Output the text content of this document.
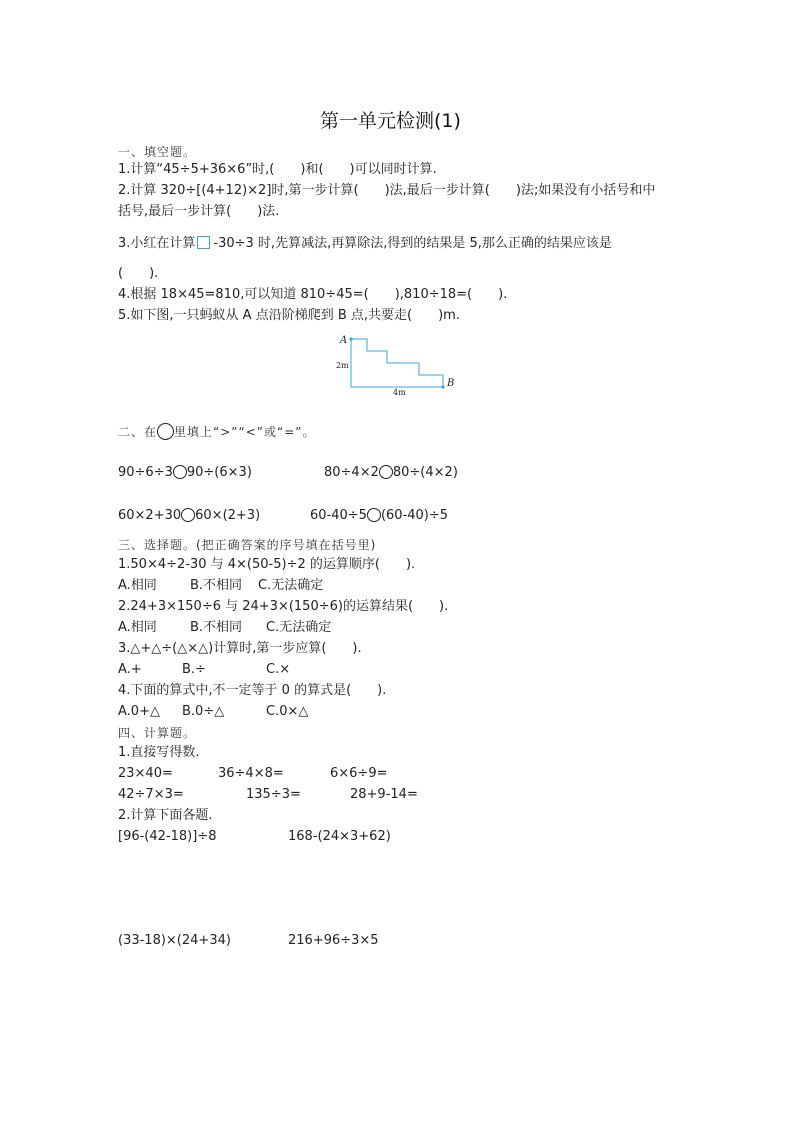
第一单元检测(1)
一、填空题。
1.计算“45÷5+36×6”时,(　　)和(　　)可以同时计算.
2.计算 320÷[(4+12)×2]时,第一步计算(　　)法,最后一步计算(　　)法;如果没有小括号和中
括号,最后一步计算(　　)法.
3.小红在计算 -30÷3 时,先算减法,再算除法,得到的结果是 5,那么正确的结果应该是
(　　).
4.根据 18×45=810,可以知道 810÷45=(　　),810÷18=(　　).
5.如下图,一只蚂蚁从 A 点沿阶梯爬到 B 点,共要走(　　)m.
A
B
2m
4m
二、在 里填上“>”“<”或“=”。
90÷6÷3 90÷(6×3)	80÷4×2 80÷(4×2)
60×2+30 60×(2+3)	60-40÷5 (60-40)÷5
三、选择题。(把正确答案的序号填在括号里)
1.50×4÷2-30 与 4×(50-5)÷2 的运算顺序(　　).
A.相同	B.不相同 C.无法确定
2.24+3×150÷6 与 24+3×(150÷6)的运算结果(　　).
A.相同	B.不相同 C.无法确定
3.△+△÷(△×△)计算时,第一步应算(　　).
A.+	B.÷	C.×
4.下面的算式中,不一定等于 0 的算式是(　　).
A.0+△ B.0÷△	C.0×△
四、计算题。
1.直接写得数.
23×40=	36÷4×8=	6×6÷9=
42÷7×3=	135÷3=	28+9-14=
2.计算下面各题.
[96-(42-18)]÷8	168-(24×3+62)
(33-18)×(24+34)	216+96÷3×5
